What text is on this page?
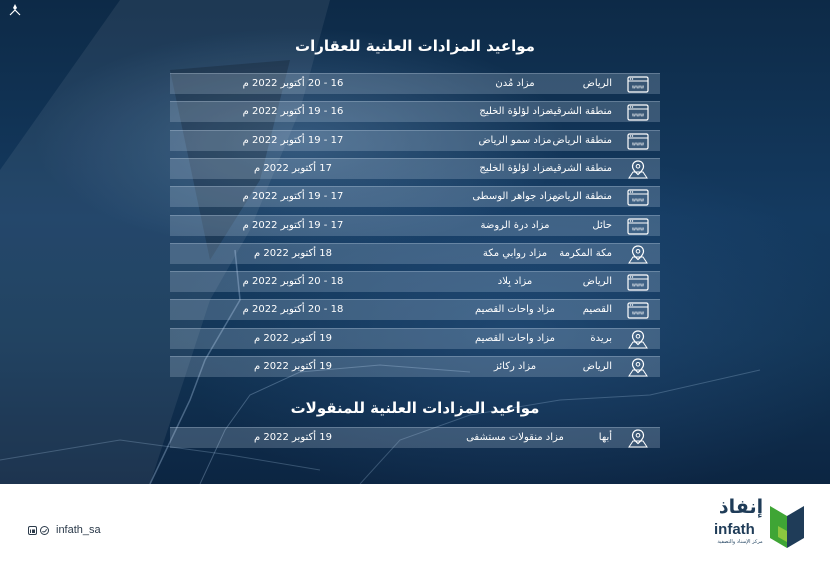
مواعيد المزادات العلنية للعقارات
www
الرياض
مزاد مُدن
16 - 20 أكتوبر 2022 م
www
منطقة الشرقية
مزاد لؤلؤة الخليج
16 - 19 أكتوبر 2022 م
www
منطقة الرياض
مزاد سمو الرياض
17 - 19 أكتوبر 2022 م
منطقة الشرقية
مزاد لؤلؤة الخليج
17 أكتوبر 2022 م
www
منطقة الرياض
مزاد جواهر الوسطى
17 - 19 أكتوبر 2022 م
www
حائل
مزاد درة الروضة
17 - 19 أكتوبر 2022 م
مكة المكرمة
مزاد روابي مكة
18 أكتوبر 2022 م
www
الرياض
مزاد بِلاد
18 - 20 أكتوبر 2022 م
www
القصيم
مزاد واحات القصيم
18 - 20 أكتوبر 2022 م
بريدة
مزاد واحات القصيم
19 أكتوبر 2022 م
الرياض
مزاد ركائز
19 أكتوبر 2022 م
مواعيد المزادات العلنية للمنقولات
أبها
مزاد منقولات مستشفى
19 أكتوبر 2022 م
infath_sa
إنفاذ
infath
مركز الإسناد والتصفية
